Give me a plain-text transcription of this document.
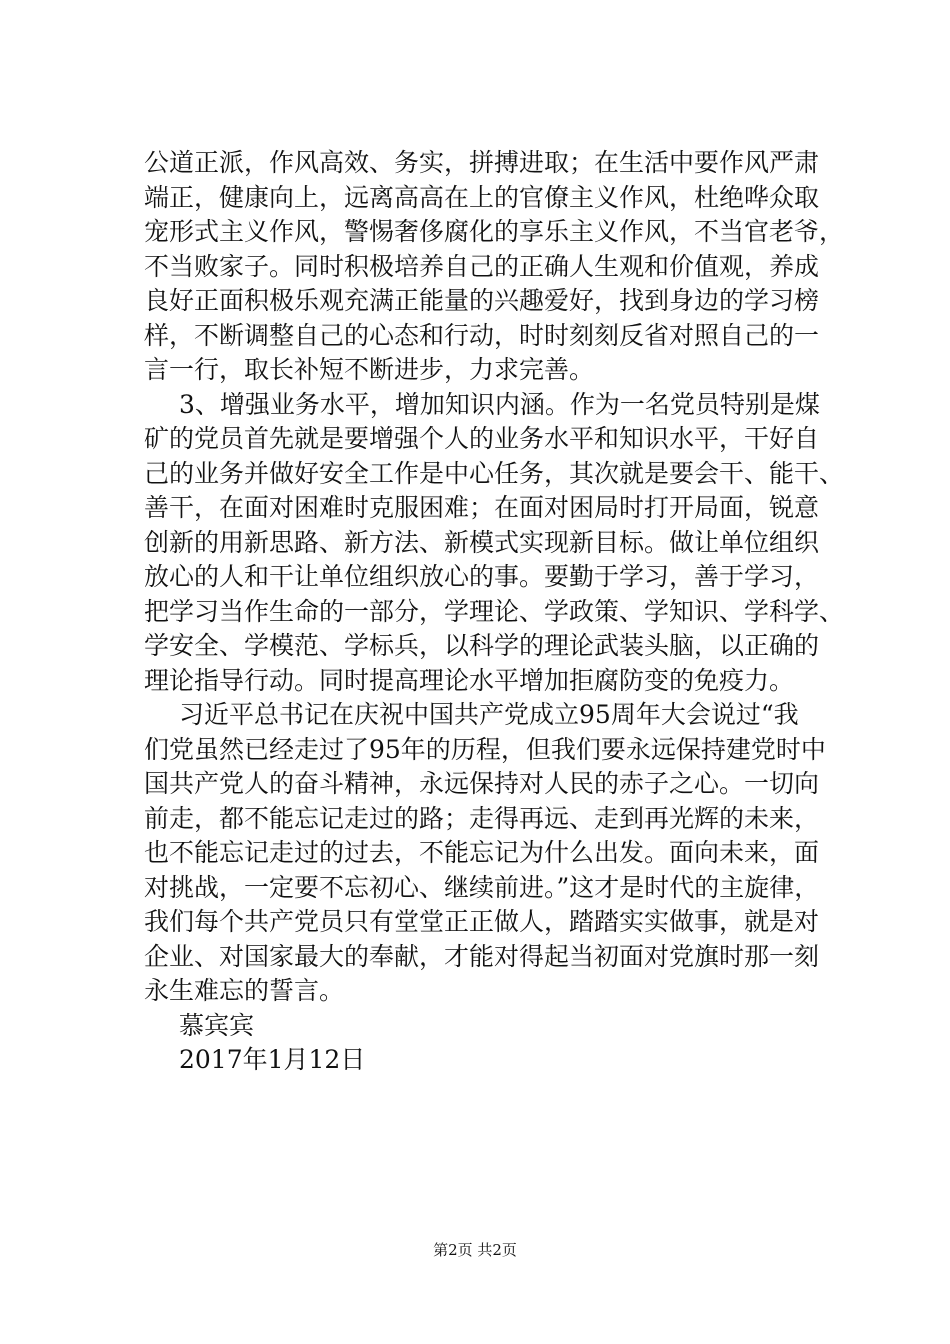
公道正派，作风高效、务实，拼搏进取；在生活中要作风严肃
端正，健康向上，远离高高在上的官僚主义作风，杜绝哗众取
宠形式主义作风，警惕奢侈腐化的享乐主义作风，不当官老爷，
不当败家子。同时积极培养自己的正确人生观和价值观，养成
良好正面积极乐观充满正能量的兴趣爱好，找到身边的学习榜
样，不断调整自己的心态和行动，时时刻刻反省对照自己的一
言一行，取长补短不断进步，力求完善。
3、增强业务水平，增加知识内涵。作为一名党员特别是煤
矿的党员首先就是要增强个人的业务水平和知识水平，干好自
己的业务并做好安全工作是中心任务，其次就是要会干、能干、
善干，在面对困难时克服困难；在面对困局时打开局面，锐意
创新的用新思路、新方法、新模式实现新目标。做让单位组织
放心的人和干让单位组织放心的事。要勤于学习，善于学习，
把学习当作生命的一部分，学理论、学政策、学知识、学科学、
学安全、学模范、学标兵，以科学的理论武装头脑，以正确的
理论指导行动。同时提高理论水平增加拒腐防变的免疫力。
习近平总书记在庆祝中国共产党成立95周年大会说过“我
们党虽然已经走过了95年的历程，但我们要永远保持建党时中
国共产党人的奋斗精神，永远保持对人民的赤子之心。一切向
前走，都不能忘记走过的路；走得再远、走到再光辉的未来，
也不能忘记走过的过去，不能忘记为什么出发。面向未来，面
对挑战，一定要不忘初心、继续前进。”这才是时代的主旋律，
我们每个共产党员只有堂堂正正做人，踏踏实实做事，就是对
企业、对国家最大的奉献，才能对得起当初面对党旗时那一刻
永生难忘的誓言。
慕宾宾
2017年1月12日
第2页 共2页
